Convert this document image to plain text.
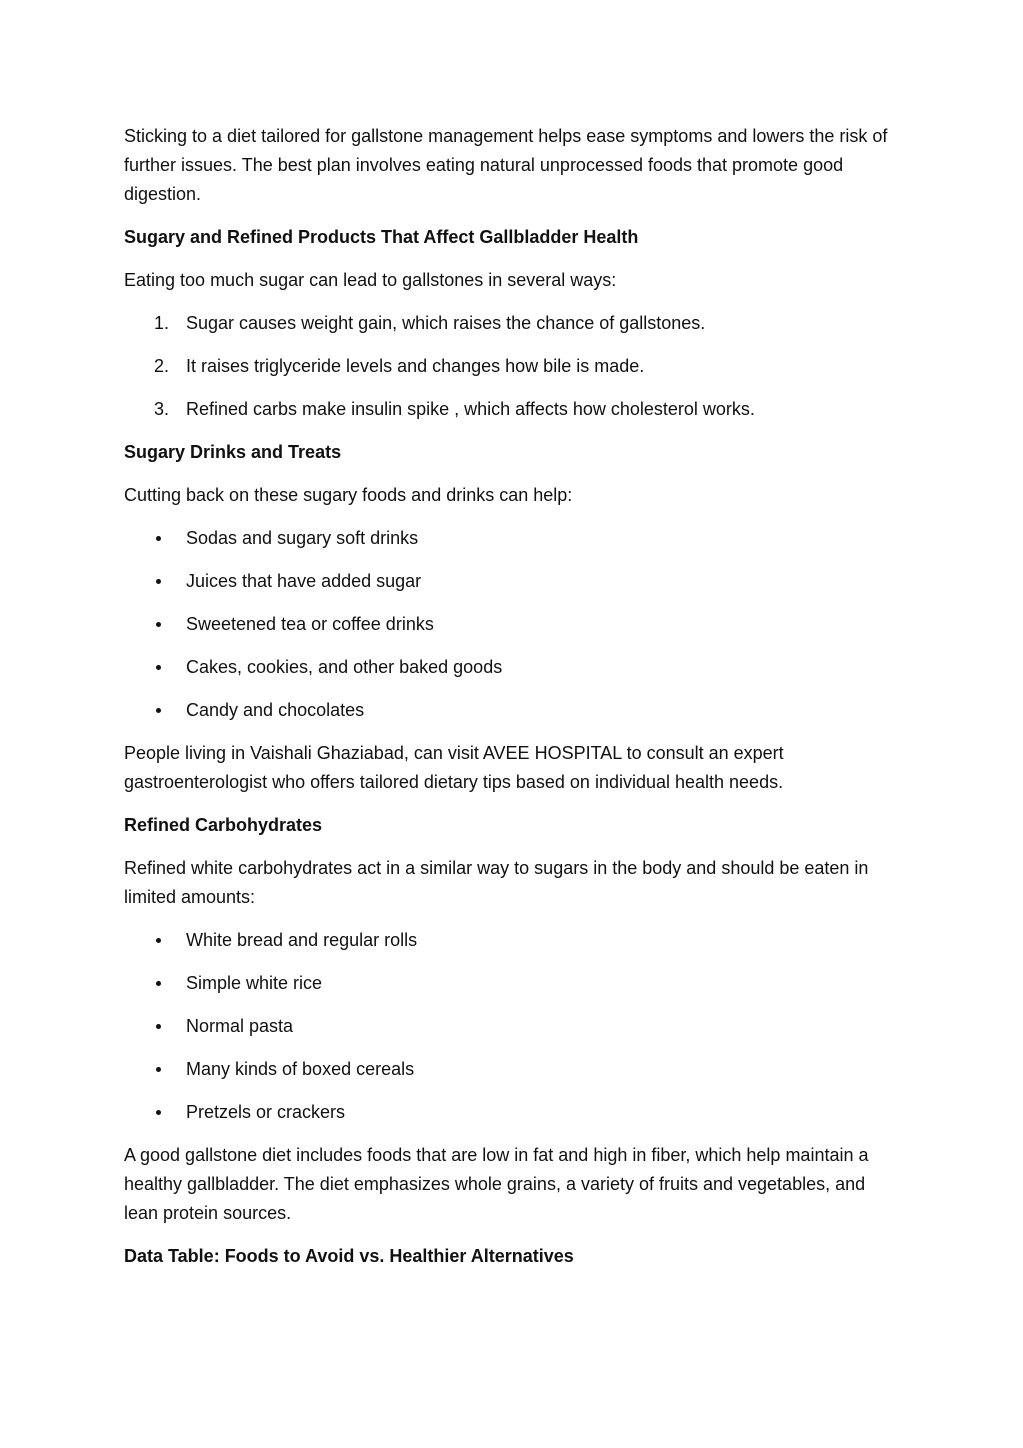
Sticking to a diet tailored for gallstone management helps ease symptoms and lowers the risk of further issues. The best plan involves eating natural unprocessed foods that promote good digestion.

Sugary and Refined Products That Affect Gallbladder Health

Eating too much sugar can lead to gallstones in several ways:

1. Sugar causes weight gain, which raises the chance of gallstones.
2. It raises triglyceride levels and changes how bile is made.
3. Refined carbs make insulin spike , which affects how cholesterol works.

Sugary Drinks and Treats

Cutting back on these sugary foods and drinks can help:

Sodas and sugary soft drinks
Juices that have added sugar
Sweetened tea or coffee drinks
Cakes, cookies, and other baked goods
Candy and chocolates

People living in Vaishali Ghaziabad, can visit AVEE HOSPITAL to consult an expert gastroenterologist who offers tailored dietary tips based on individual health needs.

Refined Carbohydrates

Refined white carbohydrates act in a similar way to sugars in the body and should be eaten in limited amounts:

White bread and regular rolls
Simple white rice
Normal pasta
Many kinds of boxed cereals
Pretzels or crackers

A good gallstone diet includes foods that are low in fat and high in fiber, which help maintain a healthy gallbladder. The diet emphasizes whole grains, a variety of fruits and vegetables, and lean protein sources.

Data Table: Foods to Avoid vs. Healthier Alternatives
